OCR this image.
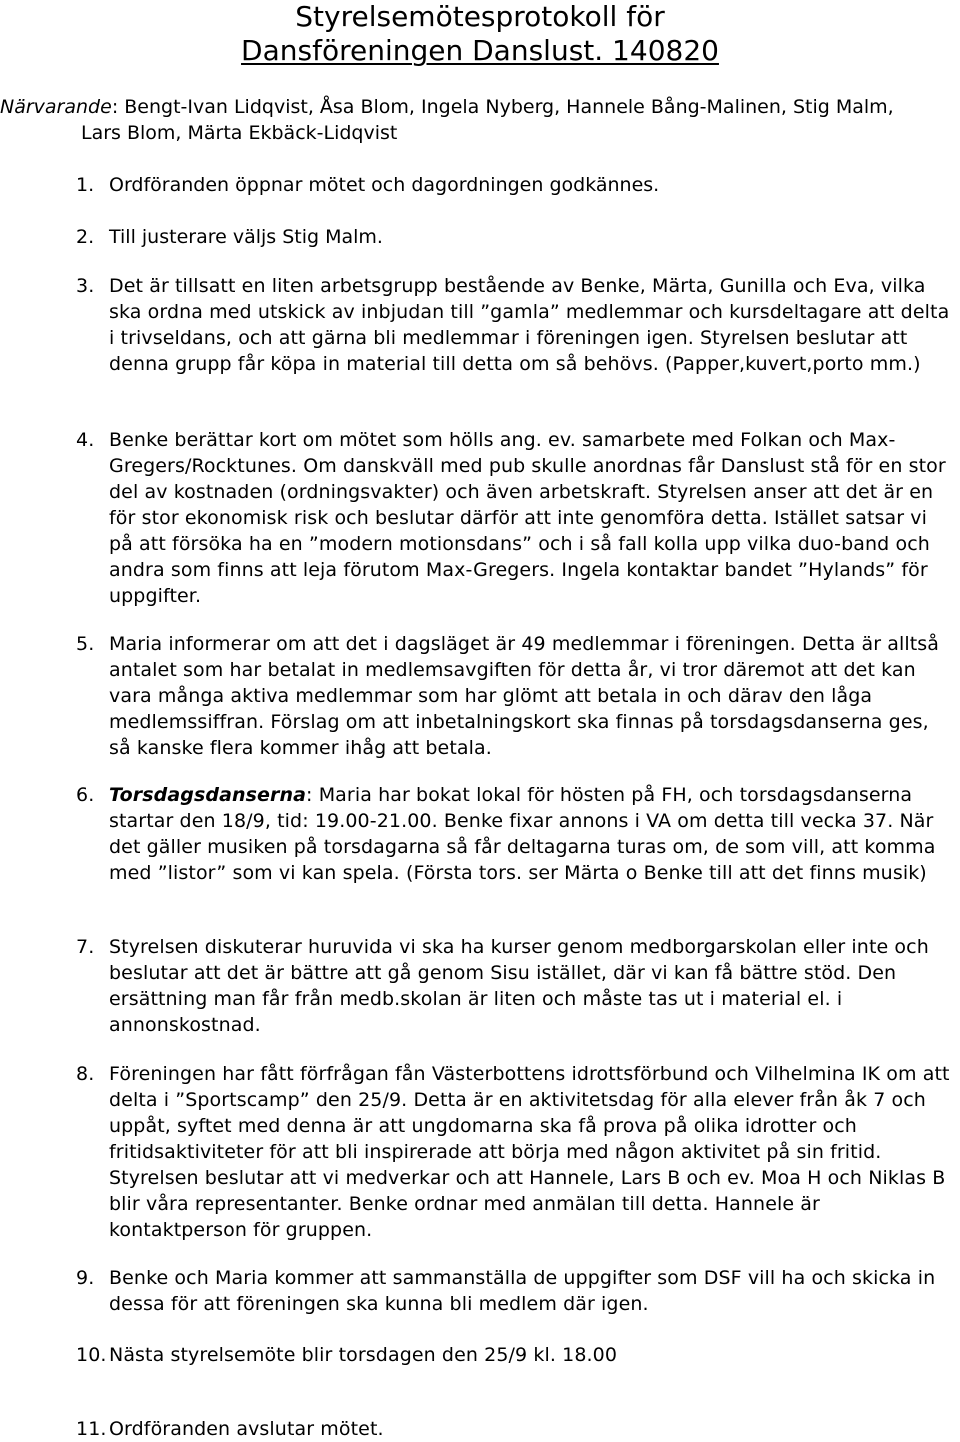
Styrelsemötesprotokoll för
Dansföreningen Danslust. 140820
Närvarande: Bengt-Ivan Lidqvist, Åsa Blom, Ingela Nyberg, Hannele Bång-Malinen, Stig Malm,
Lars Blom, Märta Ekbäck-Lidqvist
1. Ordföranden öppnar mötet och dagordningen godkännes.
2. Till justerare väljs Stig Malm.
3. Det är tillsatt en liten arbetsgrupp bestående av Benke, Märta, Gunilla och Eva, vilka ska ordna med utskick av inbjudan till ”gamla” medlemmar och kursdeltagare att delta i trivseldans, och att gärna bli medlemmar i föreningen igen. Styrelsen beslutar att denna grupp får köpa in material till detta om så behövs. (Papper,kuvert,porto mm.)
4. Benke berättar kort om mötet som hölls ang. ev. samarbete med Folkan och Max-Gregers/Rocktunes. Om danskväll med pub skulle anordnas får Danslust stå för en stor del av kostnaden (ordningsvakter) och även arbetskraft. Styrelsen anser att det är en för stor ekonomisk risk och beslutar därför att inte genomföra detta. Istället satsar vi på att försöka ha en ”modern motionsdans” och i så fall kolla upp vilka duo-band och andra som finns att leja förutom Max-Gregers. Ingela kontaktar bandet ”Hylands” för uppgifter.
5. Maria informerar om att det i dagsläget är 49 medlemmar i föreningen. Detta är alltså antalet som har betalat in medlemsavgiften för detta år, vi tror däremot att det kan vara många aktiva medlemmar som har glömt att betala in och därav den låga medlemssiffran. Förslag om att inbetalningskort ska finnas på torsdagsdanserna ges, så kanske flera kommer ihåg att betala.
6. Torsdagsdanserna: Maria har bokat lokal för hösten på FH, och torsdagsdanserna startar den 18/9, tid: 19.00-21.00. Benke fixar annons i VA om detta till vecka 37. När det gäller musiken på torsdagarna så får deltagarna turas om, de som vill, att komma med ”listor” som vi kan spela. (Första tors. ser Märta o Benke till att det finns musik)
7. Styrelsen diskuterar huruvida vi ska ha kurser genom medborgarskolan eller inte och beslutar att det är bättre att gå genom Sisu istället, där vi kan få bättre stöd. Den ersättning man får från medb.skolan är liten och måste tas ut i material el. i annonskostnad.
8. Föreningen har fått förfrågan fån Västerbottens idrottsförbund och Vilhelmina IK om att delta i ”Sportscamp” den 25/9. Detta är en aktivitetsdag för alla elever från åk 7 och uppåt, syftet med denna är att ungdomarna ska få prova på olika idrotter och fritidsaktiviteter för att bli inspirerade att börja med någon aktivitet på sin fritid. Styrelsen beslutar att vi medverkar och att Hannele, Lars B och ev. Moa H och Niklas B blir våra representanter. Benke ordnar med anmälan till detta. Hannele är kontaktperson för gruppen.
9. Benke och Maria kommer att sammanställa de uppgifter som DSF vill ha och skicka in dessa för att föreningen ska kunna bli medlem där igen.
10. Nästa styrelsemöte blir torsdagen den 25/9 kl. 18.00
11. Ordföranden avslutar mötet.
